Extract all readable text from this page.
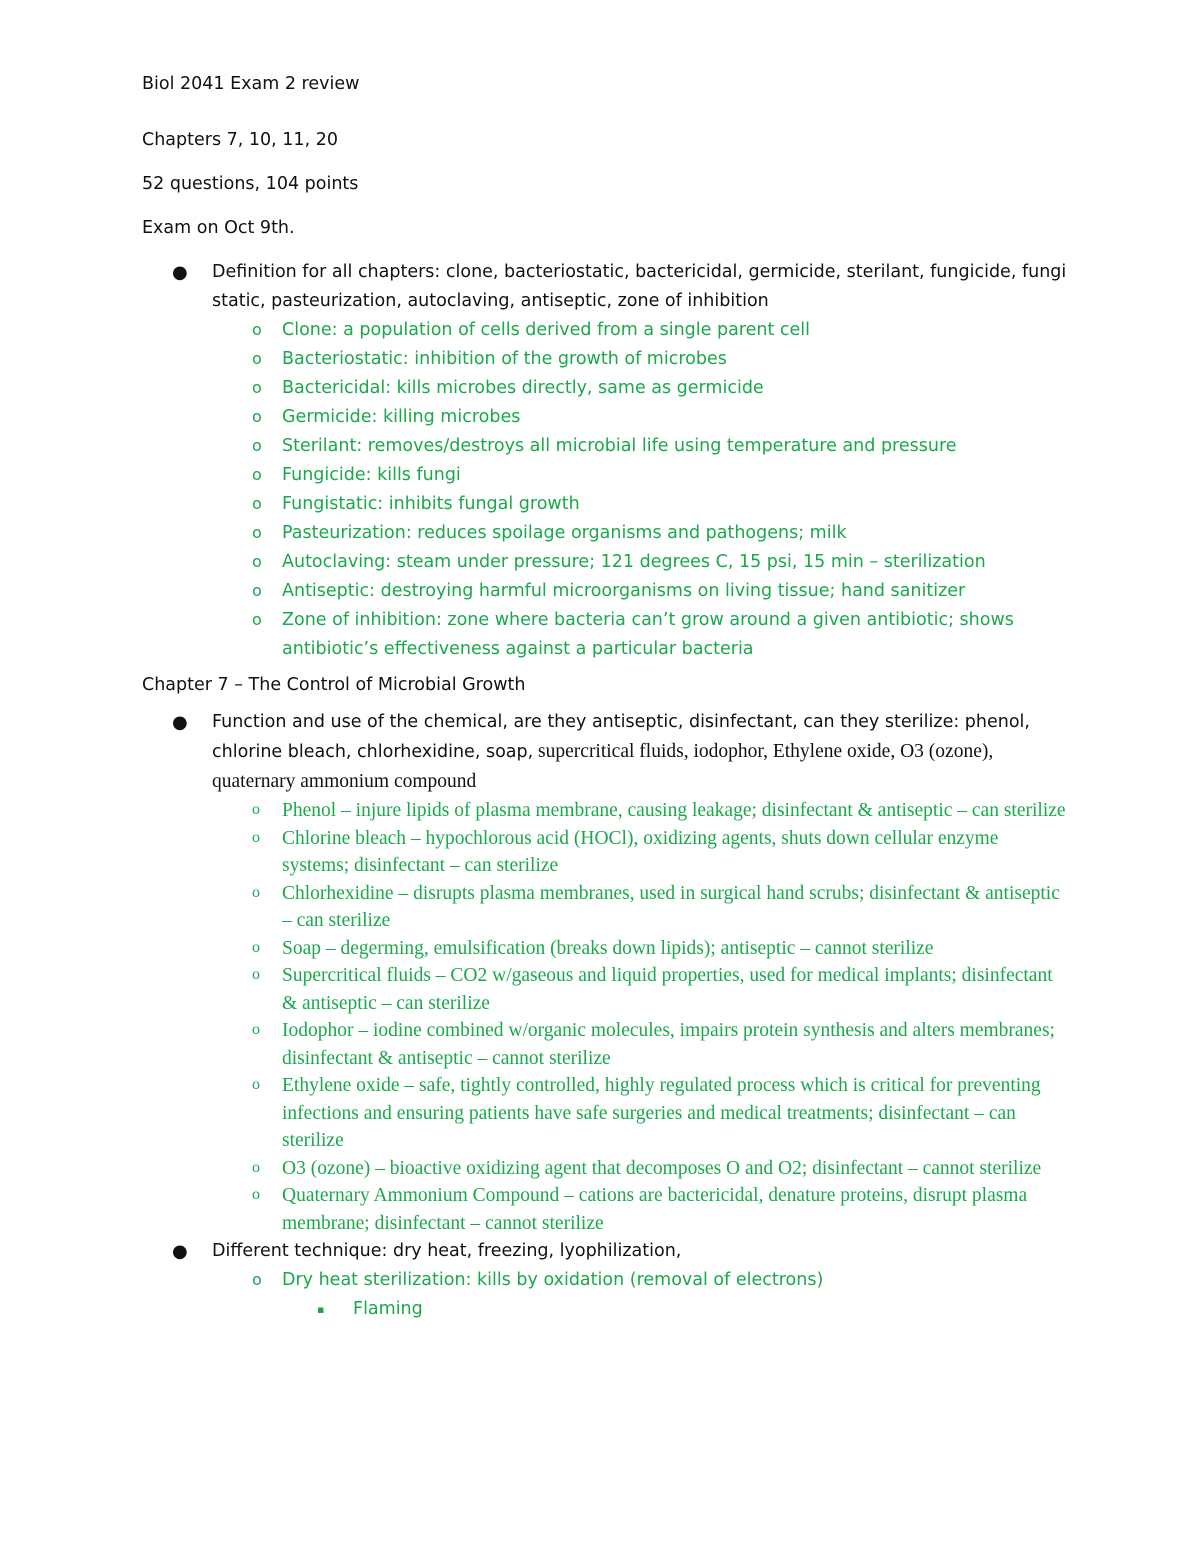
Biol 2041 Exam 2 review

Chapters 7, 10, 11, 20

52 questions, 104 points

Exam on Oct 9th.

● Definition for all chapters: clone, bacteriostatic, bactericidal, germicide, sterilant, fungicide, fungi static, pasteurization, autoclaving, antiseptic, zone of inhibition
o Clone: a population of cells derived from a single parent cell
o Bacteriostatic: inhibition of the growth of microbes
o Bactericidal: kills microbes directly, same as germicide
o Germicide: killing microbes
o Sterilant: removes/destroys all microbial life using temperature and pressure
o Fungicide: kills fungi
o Fungistatic: inhibits fungal growth
o Pasteurization: reduces spoilage organisms and pathogens; milk
o Autoclaving: steam under pressure; 121 degrees C, 15 psi, 15 min – sterilization
o Antiseptic: destroying harmful microorganisms on living tissue; hand sanitizer
o Zone of inhibition: zone where bacteria can’t grow around a given antibiotic; shows antibiotic’s effectiveness against a particular bacteria

Chapter 7 – The Control of Microbial Growth

● Function and use of the chemical, are they antiseptic, disinfectant, can they sterilize: phenol, chlorine bleach, chlorhexidine, soap, supercritical fluids, iodophor, Ethylene oxide, O3 (ozone), quaternary ammonium compound
o Phenol – injure lipids of plasma membrane, causing leakage; disinfectant & antiseptic – can sterilize
o Chlorine bleach – hypochlorous acid (HOCl), oxidizing agents, shuts down cellular enzyme systems; disinfectant – can sterilize
o Chlorhexidine – disrupts plasma membranes, used in surgical hand scrubs; disinfectant & antiseptic – can sterilize
o Soap – degerming, emulsification (breaks down lipids); antiseptic – cannot sterilize
o Supercritical fluids – CO2 w/gaseous and liquid properties, used for medical implants; disinfectant & antiseptic – can sterilize
o Iodophor – iodine combined w/organic molecules, impairs protein synthesis and alters membranes; disinfectant & antiseptic – cannot sterilize
o Ethylene oxide – safe, tightly controlled, highly regulated process which is critical for preventing infections and ensuring patients have safe surgeries and medical treatments; disinfectant – can sterilize
o O3 (ozone) – bioactive oxidizing agent that decomposes O and O2; disinfectant – cannot sterilize
o Quaternary Ammonium Compound – cations are bactericidal, denature proteins, disrupt plasma membrane; disinfectant – cannot sterilize
● Different technique: dry heat, freezing, lyophilization,
o Dry heat sterilization: kills by oxidation (removal of electrons)
▪ Flaming
